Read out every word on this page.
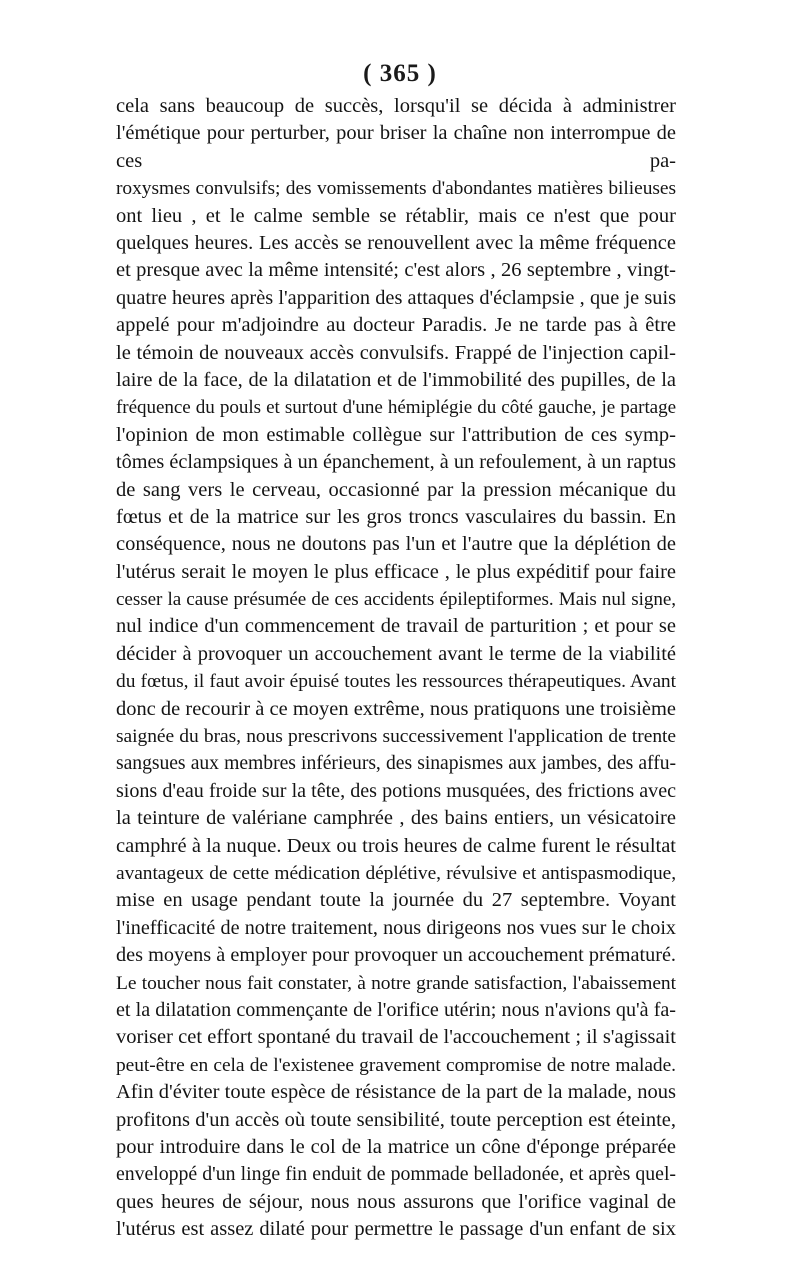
( 365 )
cela sans beaucoup de succès, lorsqu'il se décida à administrer l'émétique pour perturber, pour briser la chaîne non interrompue de ces pa-
roxysmes convulsifs; des vomissements d'abondantes matières bilieuses
ont lieu , et le calme semble se rétablir, mais ce n'est que pour
quelques heures. Les accès se renouvellent avec la même fréquence
et presque avec la même intensité; c'est alors , 26 septembre , vingt-
quatre heures après l'apparition des attaques d'éclampsie , que je suis
appelé pour m'adjoindre au docteur Paradis. Je ne tarde pas à être
le témoin de nouveaux accès convulsifs. Frappé de l'injection capil-
laire de la face, de la dilatation et de l'immobilité des pupilles, de la
fréquence du pouls et surtout d'une hémiplégie du côté gauche, je partage
l'opinion de mon estimable collègue sur l'attribution de ces symp-
tômes éclampsiques à un épanchement, à un refoulement, à un raptus
de sang vers le cerveau, occasionné par la pression mécanique du
fœtus et de la matrice sur les gros troncs vasculaires du bassin. En
conséquence, nous ne doutons pas l'un et l'autre que la déplétion de
l'utérus serait le moyen le plus efficace , le plus expéditif pour faire
cesser la cause présumée de ces accidents épileptiformes. Mais nul signe,
nul indice d'un commencement de travail de parturition ; et pour se
décider à provoquer un accouchement avant le terme de la viabilité
du fœtus, il faut avoir épuisé toutes les ressources thérapeutiques. Avant
donc de recourir à ce moyen extrême, nous pratiquons une troisième
saignée du bras, nous prescrivons successivement l'application de trente
sangsues aux membres inférieurs, des sinapismes aux jambes, des affu-
sions d'eau froide sur la tête, des potions musquées, des frictions avec
la teinture de valériane camphrée , des bains entiers, un vésicatoire
camphré à la nuque. Deux ou trois heures de calme furent le résultat
avantageux de cette médication déplétive, révulsive et antispasmodique,
mise en usage pendant toute la journée du 27 septembre. Voyant
l'inefficacité de notre traitement, nous dirigeons nos vues sur le choix
des moyens à employer pour provoquer un accouchement prématuré.
Le toucher nous fait constater, à notre grande satisfaction, l'abaissement
et la dilatation commençante de l'orifice utérin; nous n'avions qu'à fa-
voriser cet effort spontané du travail de l'accouchement ; il s'agissait
peut-être en cela de l'existenee gravement compromise de notre malade.
Afin d'éviter toute espèce de résistance de la part de la malade, nous
profitons d'un accès où toute sensibilité, toute perception est éteinte,
pour introduire dans le col de la matrice un cône d'éponge préparée
enveloppé d'un linge fin enduit de pommade belladonée, et après quel-
ques heures de séjour, nous nous assurons que l'orifice vaginal de
l'utérus est assez dilaté pour permettre le passage d'un enfant de six
